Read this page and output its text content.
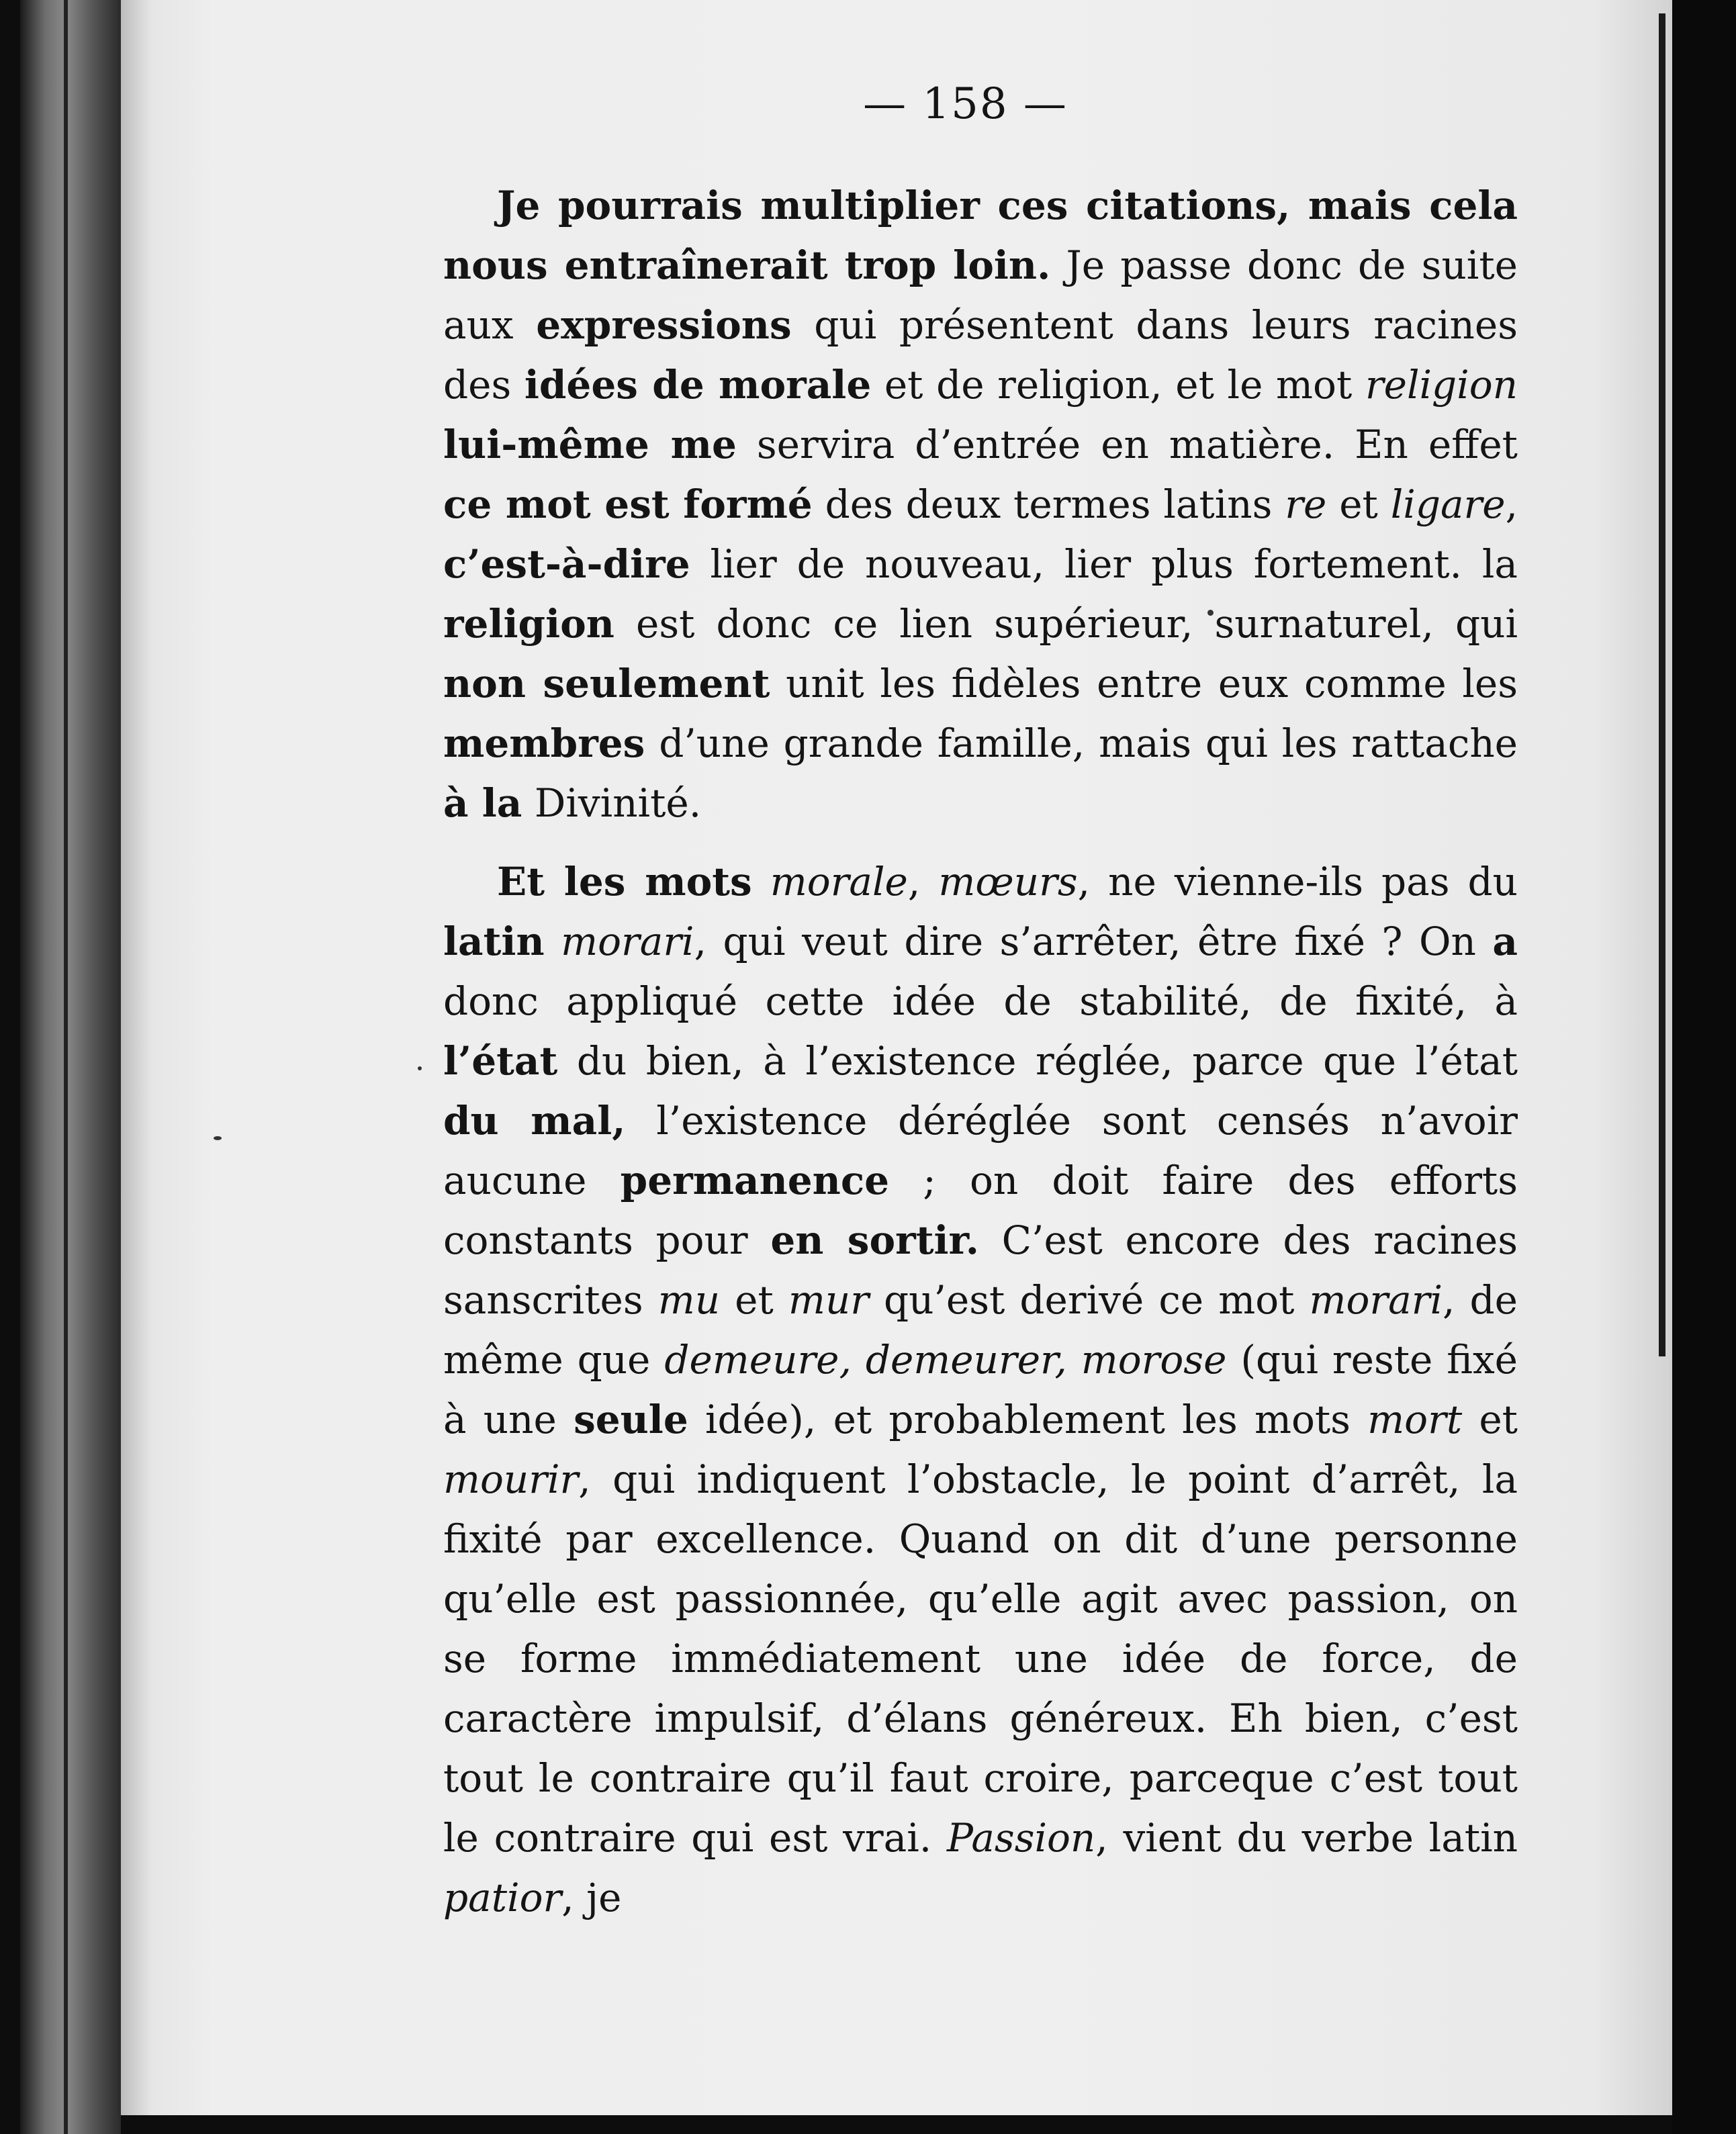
— 158 —

Je pourrais multiplier ces citations, mais cela nous entraînerait trop loin. Je passe donc de suite aux expressions qui présentent dans leurs racines des idées de morale et de religion, et le mot religion lui-même me servira d’entrée en matière. En effet ce mot est formé des deux termes latins re et ligare, c’est-à-dire lier de nouveau, lier plus fortement. la religion est donc ce lien supérieur, surnaturel, qui non seulement unit les fidèles entre eux comme les membres d’une grande famille, mais qui les rattache à la Divinité.

Et les mots morale, mœurs, ne vienne-ils pas du latin morari, qui veut dire s’arrêter, être fixé ? On a donc appliqué cette idée de stabilité, de fixité, à l’état du bien, à l’existence réglée, parce que l’état du mal, l’existence déréglée sont censés n’avoir aucune permanence ; on doit faire des efforts constants pour en sortir. C’est encore des racines sanscrites mu et mur qu’est derivé ce mot morari, de même que demeure, demeurer, morose (qui reste fixé à une seule idée), et probablement les mots mort et mourir, qui indiquent l’obstacle, le point d’arrêt, la fixité par excellence. Quand on dit d’une personne qu’elle est passionnée, qu’elle agit avec passion, on se forme immédiatement une idée de force, de caractère impulsif, d’élans généreux. Eh bien, c’est tout le contraire qu’il faut croire, parceque c’est tout le contraire qui est vrai. Passion, vient du verbe latin patior, je
